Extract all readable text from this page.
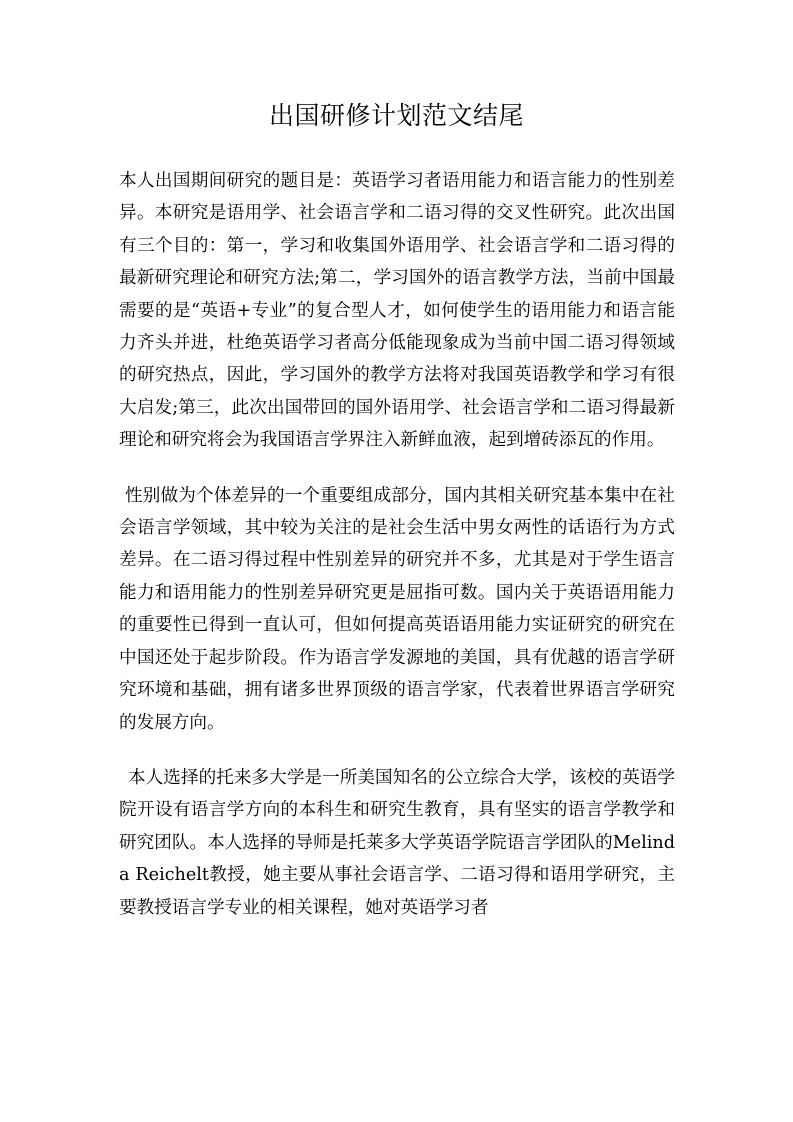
出国研修计划范文结尾

本人出国期间研究的题目是：英语学习者语用能力和语言能力的性别差异。本研究是语用学、社会语言学和二语习得的交叉性研究。此次出国有三个目的：第一，学习和收集国外语用学、社会语言学和二语习得的最新研究理论和研究方法;第二，学习国外的语言教学方法，当前中国最需要的是“英语+专业”的复合型人才，如何使学生的语用能力和语言能力齐头并进，杜绝英语学习者高分低能现象成为当前中国二语习得领域的研究热点，因此，学习国外的教学方法将对我国英语教学和学习有很大启发;第三，此次出国带回的国外语用学、社会语言学和二语习得最新理论和研究将会为我国语言学界注入新鲜血液，起到增砖添瓦的作用。

性别做为个体差异的一个重要组成部分，国内其相关研究基本集中在社会语言学领域，其中较为关注的是社会生活中男女两性的话语行为方式差异。在二语习得过程中性别差异的研究并不多，尤其是对于学生语言能力和语用能力的性别差异研究更是屈指可数。国内关于英语语用能力的重要性已得到一直认可，但如何提高英语语用能力实证研究的研究在中国还处于起步阶段。作为语言学发源地的美国，具有优越的语言学研究环境和基础，拥有诸多世界顶级的语言学家，代表着世界语言学研究的发展方向。

本人选择的托来多大学是一所美国知名的公立综合大学，该校的英语学院开设有语言学方向的本科生和研究生教育，具有坚实的语言学教学和研究团队。本人选择的导师是托莱多大学英语学院语言学团队的Melinda Reichelt教授，她主要从事社会语言学、二语习得和语用学研究，主要教授语言学专业的相关课程，她对英语学习者
